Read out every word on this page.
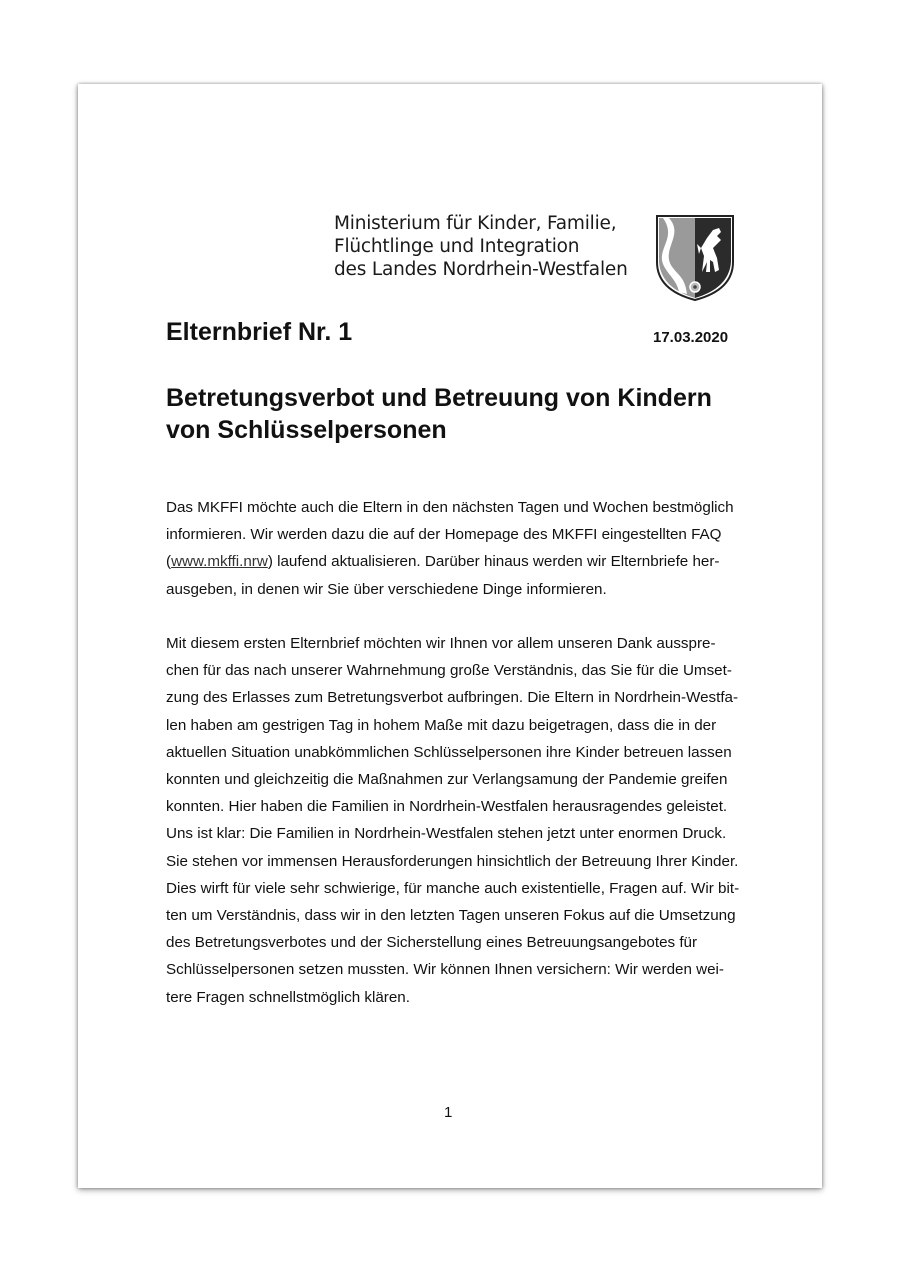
Ministerium für Kinder, Familie,
Flüchtlinge und Integration
des Landes Nordrhein-Westfalen
Elternbrief Nr. 1	17.03.2020
Betretungsverbot und Betreuung von Kindern
von Schlüsselpersonen
Das MKFFI möchte auch die Eltern in den nächsten Tagen und Wochen bestmöglich
informieren. Wir werden dazu die auf der Homepage des MKFFI eingestellten FAQ
(www.mkffi.nrw) laufend aktualisieren. Darüber hinaus werden wir Elternbriefe her-
ausgeben, in denen wir Sie über verschiedene Dinge informieren.
Mit diesem ersten Elternbrief möchten wir Ihnen vor allem unseren Dank ausspre-
chen für das nach unserer Wahrnehmung große Verständnis, das Sie für die Umset-
zung des Erlasses zum Betretungsverbot aufbringen. Die Eltern in Nordrhein-Westfa-
len haben am gestrigen Tag in hohem Maße mit dazu beigetragen, dass die in der
aktuellen Situation unabkömmlichen Schlüsselpersonen ihre Kinder betreuen lassen
konnten und gleichzeitig die Maßnahmen zur Verlangsamung der Pandemie greifen
konnten. Hier haben die Familien in Nordrhein-Westfalen herausragendes geleistet.
Uns ist klar: Die Familien in Nordrhein-Westfalen stehen jetzt unter enormen Druck.
Sie stehen vor immensen Herausforderungen hinsichtlich der Betreuung Ihrer Kinder.
Dies wirft für viele sehr schwierige, für manche auch existentielle, Fragen auf. Wir bit-
ten um Verständnis, dass wir in den letzten Tagen unseren Fokus auf die Umsetzung
des Betretungsverbotes und der Sicherstellung eines Betreuungsangebotes für
Schlüsselpersonen setzen mussten. Wir können Ihnen versichern: Wir werden wei-
tere Fragen schnellstmöglich klären.
1
